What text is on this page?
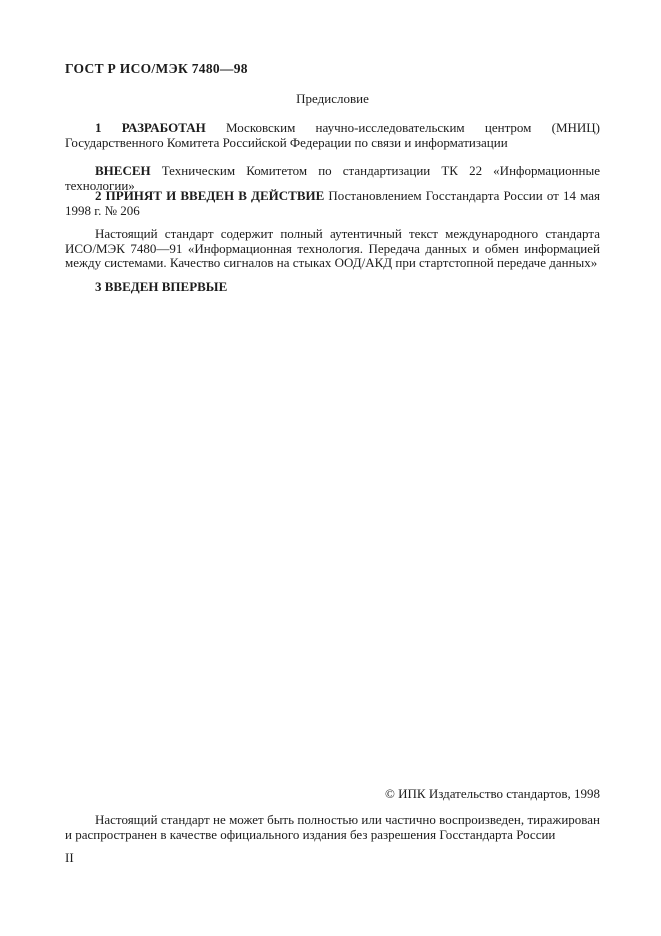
ГОСТ Р ИСО/МЭК 7480—98
Предисловие
1 РАЗРАБОТАН Московским научно-исследовательским центром (МНИЦ) Государственного Комитета Российской Федерации по связи и информатизации
ВНЕСЕН Техническим Комитетом по стандартизации ТК 22 «Информационные технологии»
2 ПРИНЯТ И ВВЕДЕН В ДЕЙСТВИЕ Постановлением Госстандарта России от 14 мая 1998 г. № 206
Настоящий стандарт содержит полный аутентичный текст международного стандарта ИСО/МЭК 7480—91 «Информационная технология. Передача данных и обмен информацией между системами. Качество сигналов на стыках ООД/АКД при стартстопной передаче данных»
3 ВВЕДЕН ВПЕРВЫЕ
© ИПК Издательство стандартов, 1998
Настоящий стандарт не может быть полностью или частично воспроизведен, тиражирован и распространен в качестве официального издания без разрешения Госстандарта России
II
